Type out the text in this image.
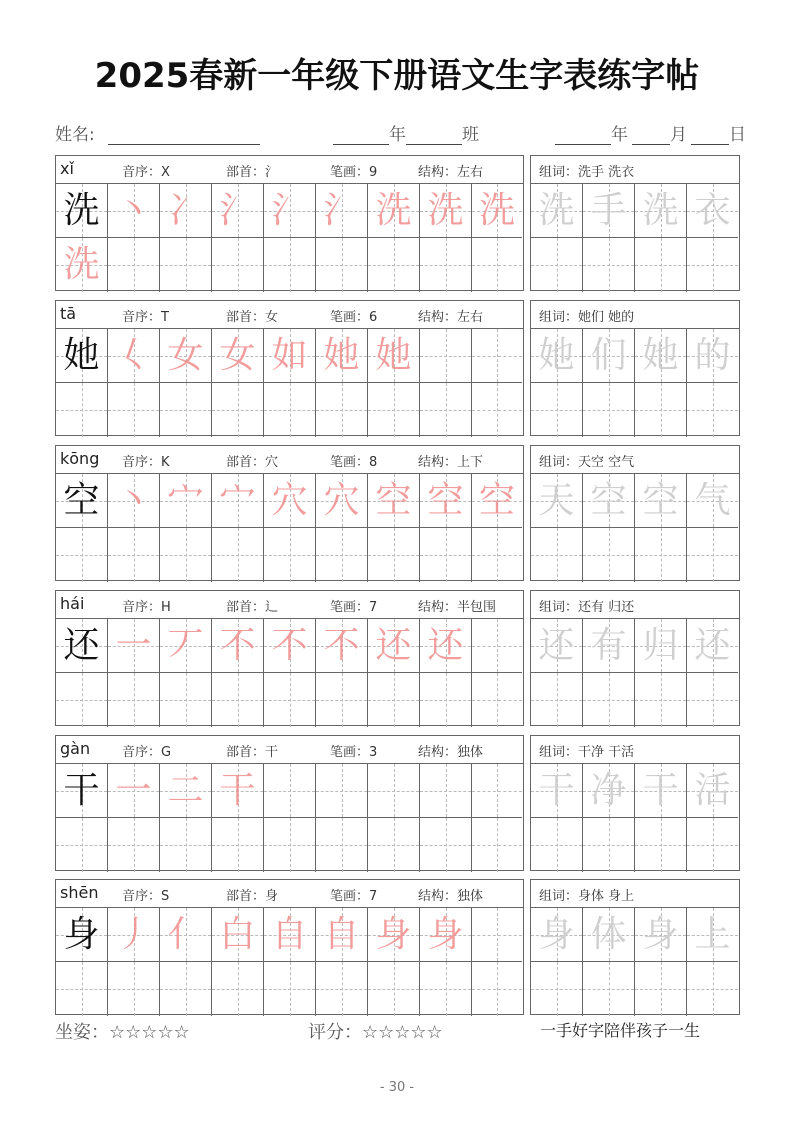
2025春新一年级下册语文生字表练字帖
姓名:	年	班	年 月 日
xǐ	音序：X	部首：氵	笔画：9	结构：左右
洗 丶 冫 氵 氵 氵 洗 洗 洗
洗
组词：洗手 洗衣
洗 手 洗 衣
tā	音序：T	部首：女	笔画：6	结构：左右
她 𡿨 女 女 如 她 她
组词：她们 她的
她 们 她 的
kōng 音序：K	部首：穴	笔画：8	结构：上下
空 丶 宀 宀 穴 穴 空 空 空
组词：天空 空气
天 空 空 气
hái	音序：H	部首：辶	笔画：7	结构：半包围
还 一 丆 不 不 不 还 还
组词：还有 归还
还 有 归 还
gàn 音序：G	部首：干	笔画：3	结构：独体
干 一 二 干
组词：干净 干活
干 净 干 活
shēn 音序：S	部首：身	笔画：7	结构：独体
身 丿 亻 白 自 自 身 身
组词：身体 身上
身 体 身 上
坐姿：☆☆☆☆☆	评分：☆☆☆☆☆	一手好字陪伴孩子一生
- 30 -
